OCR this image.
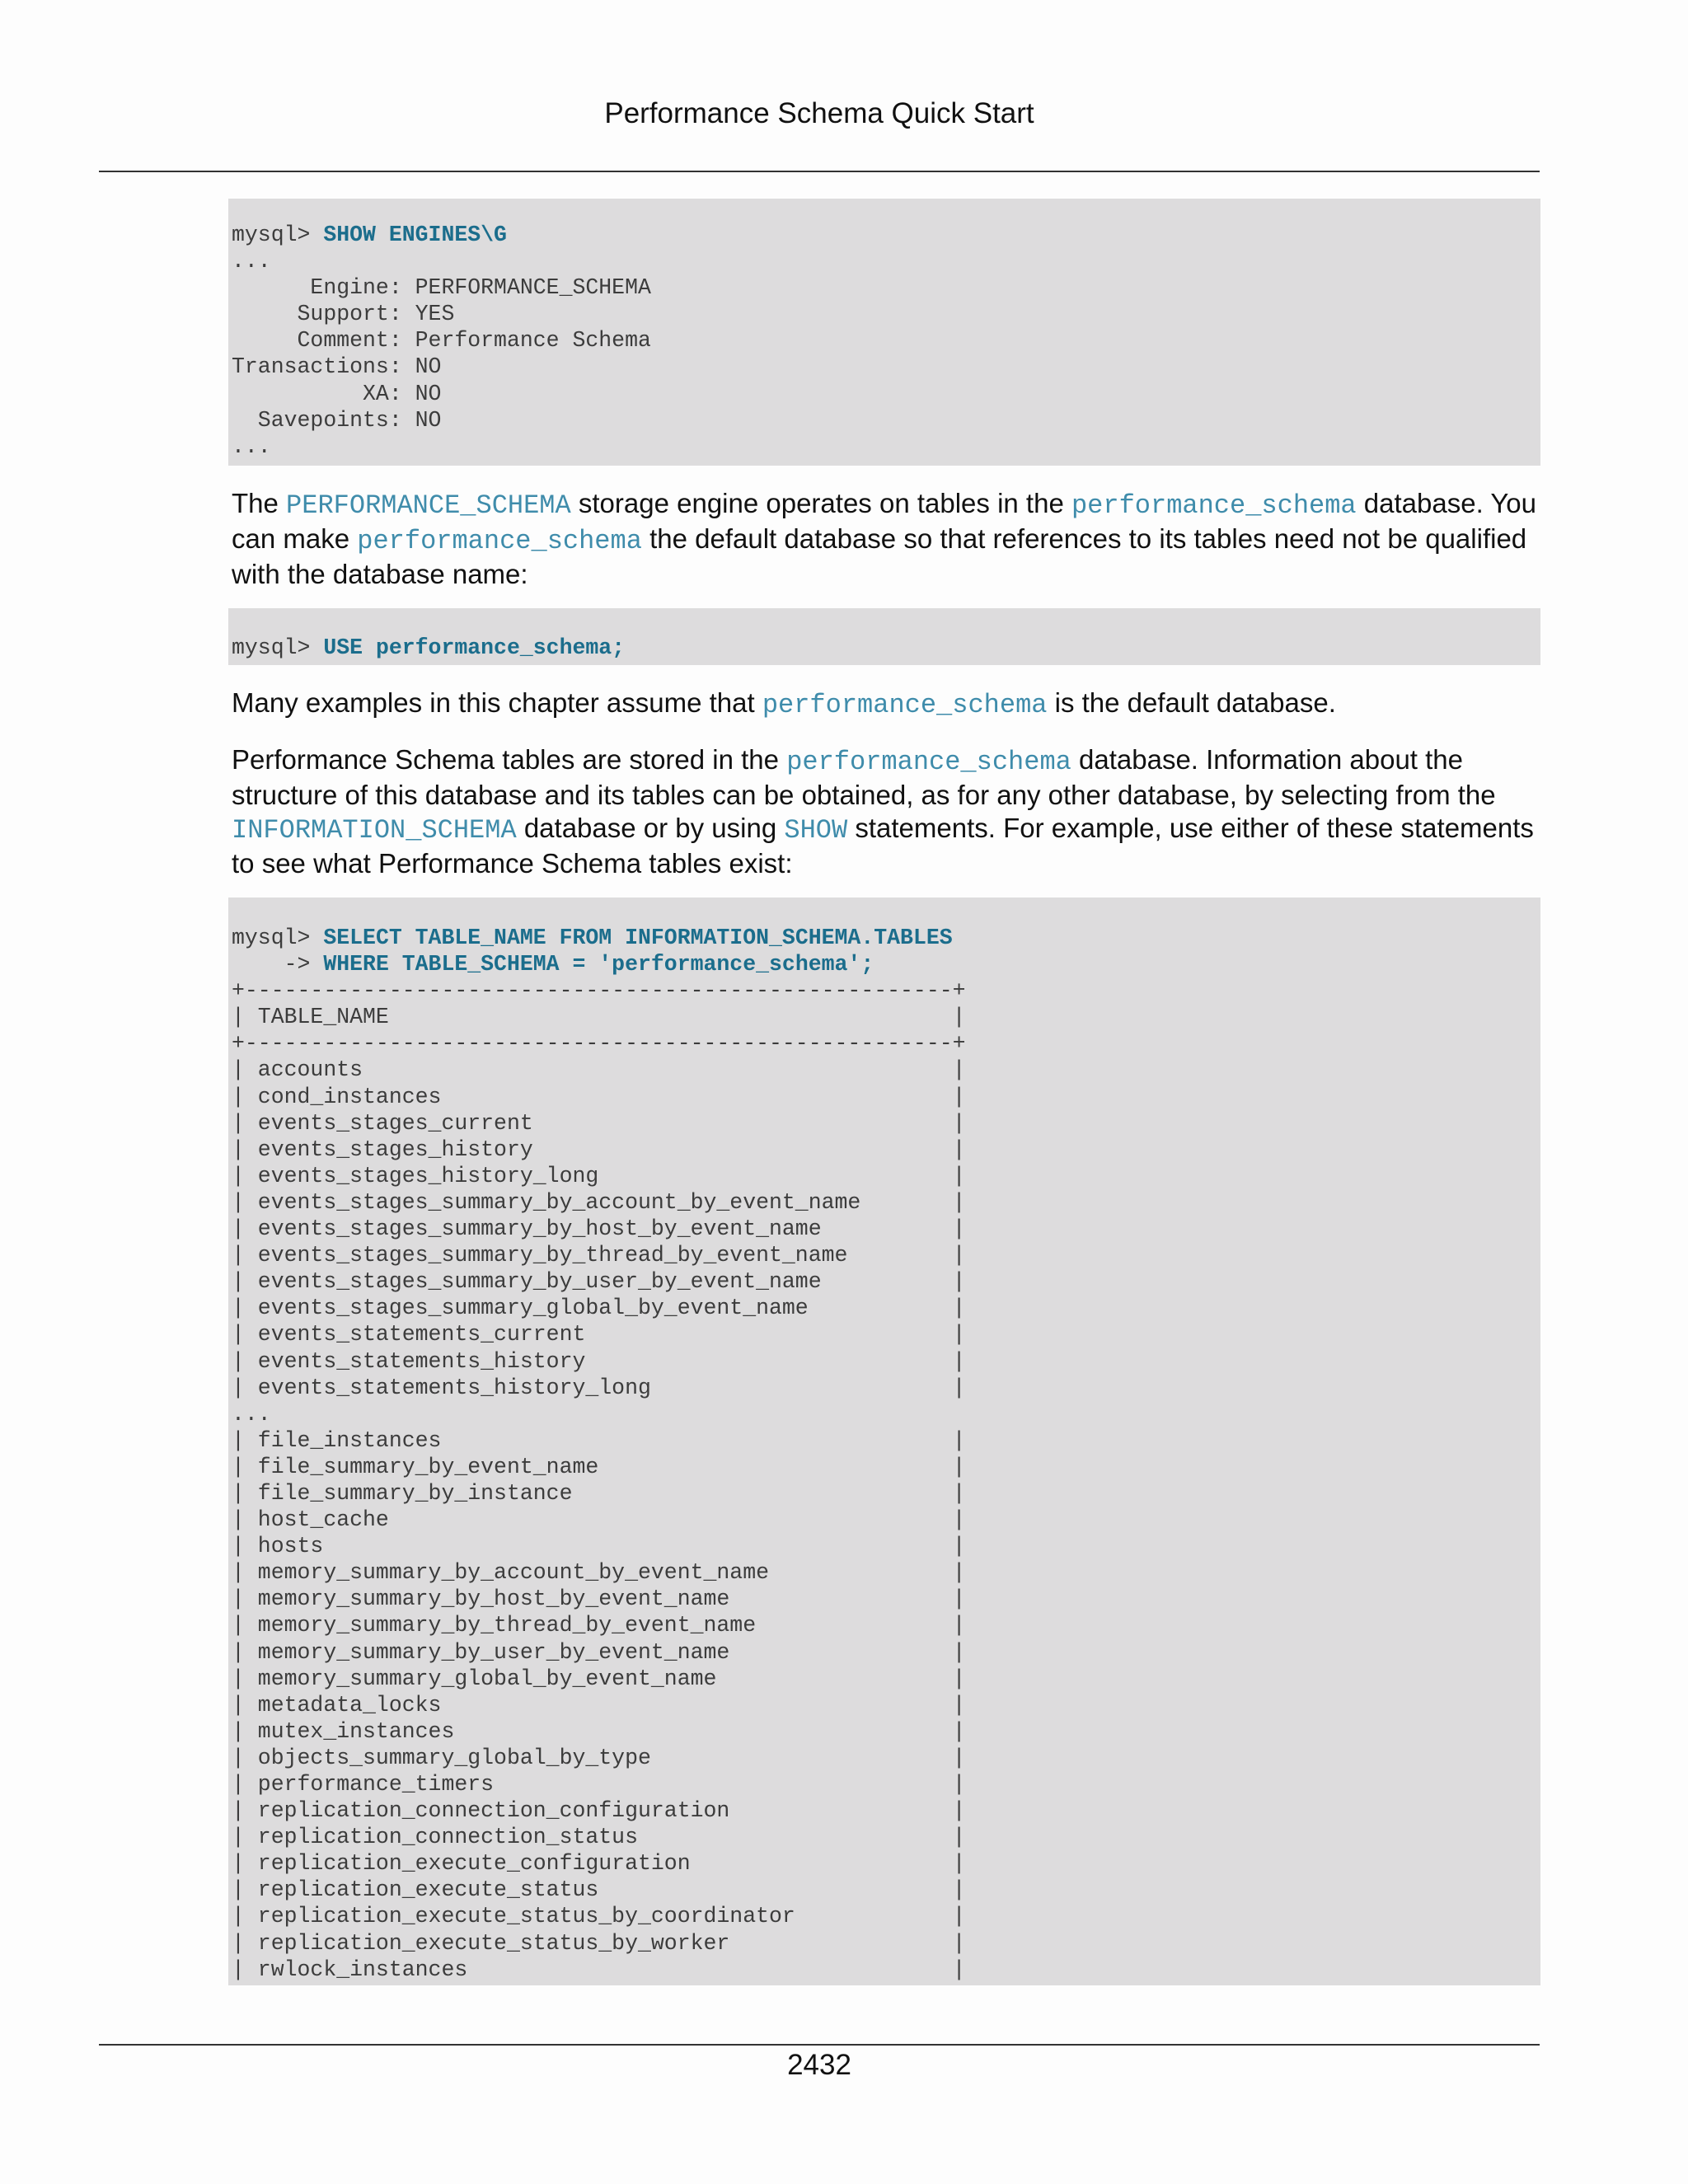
Performance Schema Quick Start
mysql> SHOW ENGINES\G
...
Engine: PERFORMANCE_SCHEMA
Support: YES
Comment: Performance Schema
Transactions: NO
XA: NO
Savepoints: NO
...
The PERFORMANCE_SCHEMA storage engine operates on tables in the performance_schema database. You can make performance_schema the default database so that references to its tables need not be qualified with the database name:
mysql> USE performance_schema;
Many examples in this chapter assume that performance_schema is the default database.
Performance Schema tables are stored in the performance_schema database. Information about the structure of this database and its tables can be obtained, as for any other database, by selecting from the INFORMATION_SCHEMA database or by using SHOW statements. For example, use either of these statements to see what Performance Schema tables exist:
mysql> SELECT TABLE_NAME FROM INFORMATION_SCHEMA.TABLES
-> WHERE TABLE_SCHEMA = 'performance_schema';
+------------------------------------------------------+
| TABLE_NAME                                           |
+------------------------------------------------------+
| accounts                                             |
| cond_instances                                       |
| events_stages_current                                |
| events_stages_history                                |
| events_stages_history_long                           |
| events_stages_summary_by_account_by_event_name       |
| events_stages_summary_by_host_by_event_name          |
| events_stages_summary_by_thread_by_event_name        |
| events_stages_summary_by_user_by_event_name          |
| events_stages_summary_global_by_event_name           |
| events_statements_current                            |
| events_statements_history                            |
| events_statements_history_long                       |
...
| file_instances                                       |
| file_summary_by_event_name                           |
| file_summary_by_instance                             |
| host_cache                                           |
| hosts                                                |
| memory_summary_by_account_by_event_name              |
| memory_summary_by_host_by_event_name                 |
| memory_summary_by_thread_by_event_name               |
| memory_summary_by_user_by_event_name                 |
| memory_summary_global_by_event_name                  |
| metadata_locks                                       |
| mutex_instances                                      |
| objects_summary_global_by_type                       |
| performance_timers                                   |
| replication_connection_configuration                 |
| replication_connection_status                        |
| replication_execute_configuration                    |
| replication_execute_status                           |
| replication_execute_status_by_coordinator            |
| replication_execute_status_by_worker                 |
| rwlock_instances                                     |
2432
